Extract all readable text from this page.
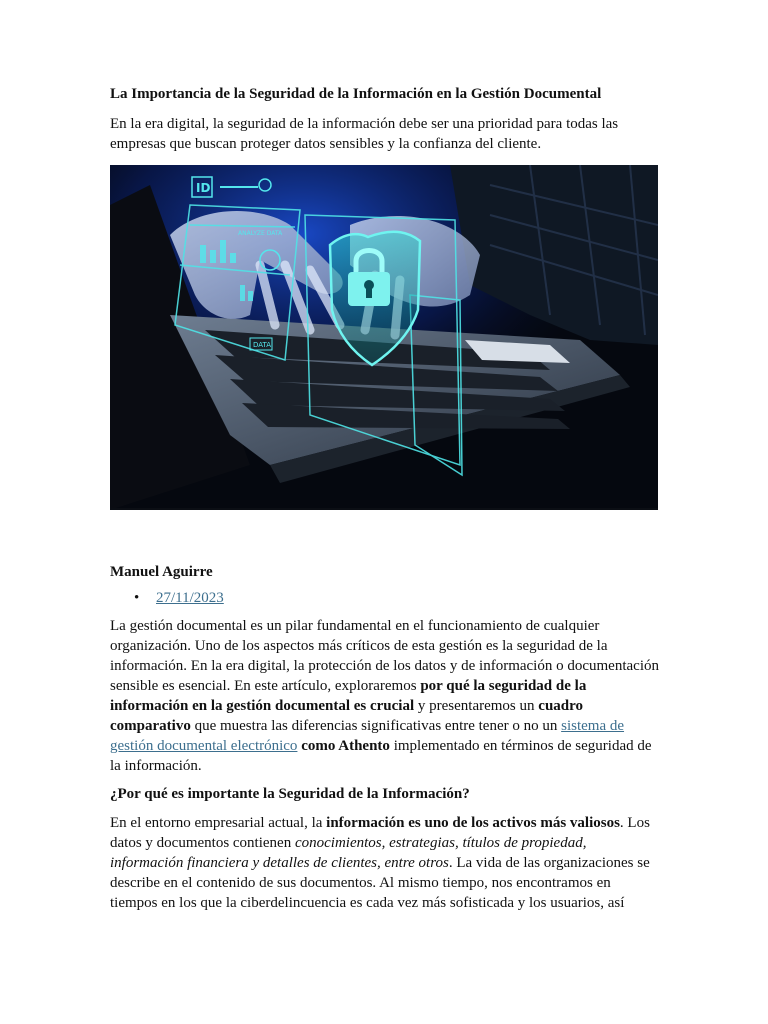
La Importancia de la Seguridad de la Información en la Gestión Documental

En la era digital, la seguridad de la información debe ser una prioridad para todas las empresas que buscan proteger datos sensibles y la confianza del cliente.

ID
ANALYZE DATA
DATA

Manuel Aguirre

• 27/11/2023

La gestión documental es un pilar fundamental en el funcionamiento de cualquier organización. Uno de los aspectos más críticos de esta gestión es la seguridad de la información. En la era digital, la protección de los datos y de información o documentación sensible es esencial. En este artículo, exploraremos por qué la seguridad de la información en la gestión documental es crucial y presentaremos un cuadro comparativo que muestra las diferencias significativas entre tener o no un sistema de gestión documental electrónico como Athento implementado en términos de seguridad de la información.

¿Por qué es importante la Seguridad de la Información?

En el entorno empresarial actual, la información es uno de los activos más valiosos. Los datos y documentos contienen conocimientos, estrategias, títulos de propiedad, información financiera y detalles de clientes, entre otros. La vida de las organizaciones se describe en el contenido de sus documentos. Al mismo tiempo, nos encontramos en tiempos en los que la ciberdelincuencia es cada vez más sofisticada y los usuarios, así
